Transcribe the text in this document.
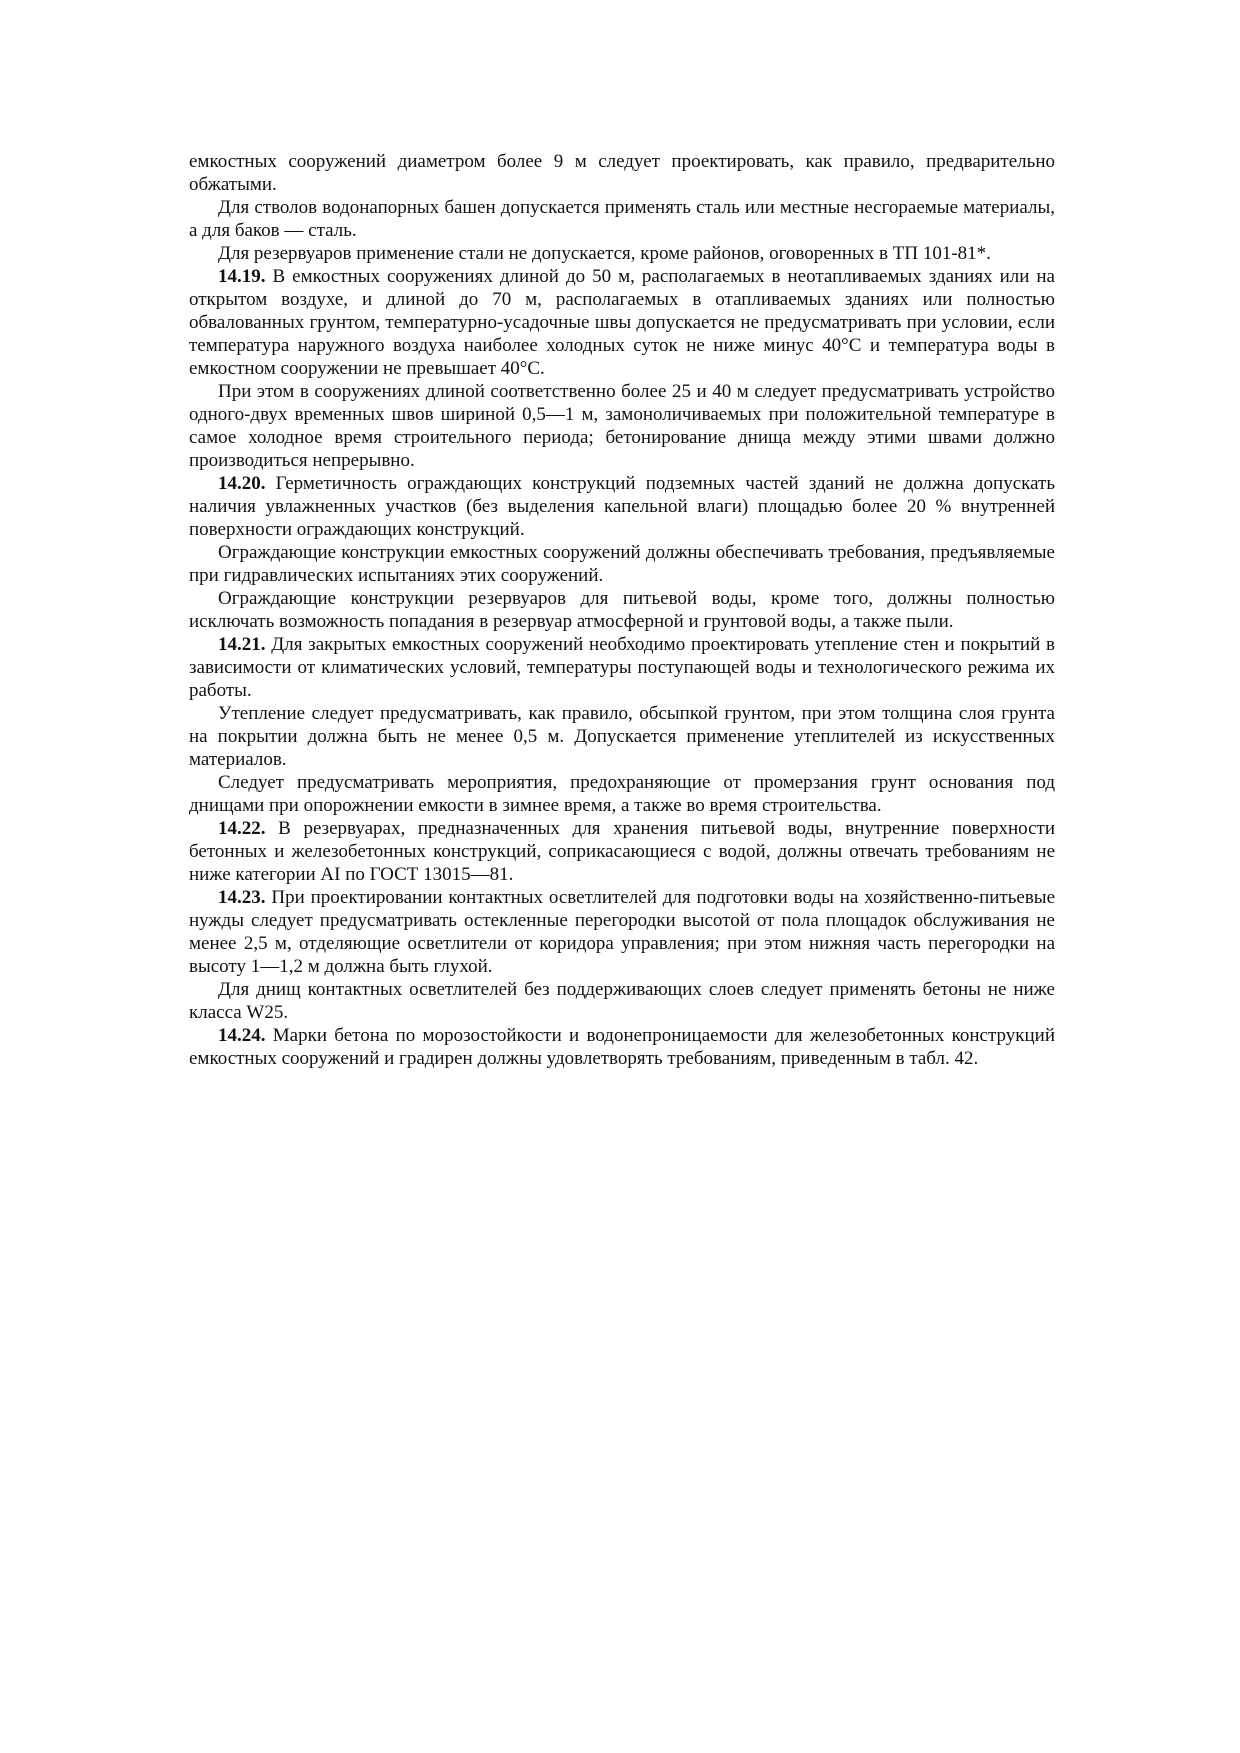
емкостных сооружений диаметром более 9 м следует проектировать, как правило, предварительно обжатыми.

Для стволов водонапорных башен допускается применять сталь или местные несгораемые материалы, а для баков — сталь.

Для резервуаров применение стали не допускается, кроме районов, оговоренных в ТП 101-81*.

14.19. В емкостных сооружениях длиной до 50 м, располагаемых в неотапливаемых зданиях или на открытом воздухе, и длиной до 70 м, располагаемых в отапливаемых зданиях или полностью обвалованных грунтом, температурно-усадочные швы допускается не предусматривать при условии, если температура наружного воздуха наиболее холодных суток не ниже минус 40°С и температура воды в емкостном сооружении не превышает 40°С.

При этом в сооружениях длиной соответственно более 25 и 40 м следует предусматривать устройство одного-двух временных швов шириной 0,5—1 м, замоноличиваемых при положительной температуре в самое холодное время строительного периода; бетонирование днища между этими швами должно производиться непрерывно.

14.20. Герметичность ограждающих конструкций подземных частей зданий не должна допускать наличия увлажненных участков (без выделения капельной влаги) площадью более 20 % внутренней поверхности ограждающих конструкций.

Ограждающие конструкции емкостных сооружений должны обеспечивать требования, предъявляемые при гидравлических испытаниях этих сооружений.

Ограждающие конструкции резервуаров для питьевой воды, кроме того, должны полностью исключать возможность попадания в резервуар атмосферной и грунтовой воды, а также пыли.

14.21. Для закрытых емкостных сооружений необходимо проектировать утепление стен и покрытий в зависимости от климатических условий, температуры поступающей воды и технологического режима их работы.

Утепление следует предусматривать, как правило, обсыпкой грунтом, при этом толщина слоя грунта на покрытии должна быть не менее 0,5 м. Допускается применение утеплителей из искусственных материалов.

Следует предусматривать мероприятия, предохраняющие от промерзания грунт основания под днищами при опорожнении емкости в зимнее время, а также во время строительства.

14.22. В резервуарах, предназначенных для хранения питьевой воды, внутренние поверхности бетонных и железобетонных конструкций, соприкасающиеся с водой, должны отвечать требованиям не ниже категории АI по ГОСТ 13015—81.

14.23. При проектировании контактных осветлителей для подготовки воды на хозяйственно-питьевые нужды следует предусматривать остекленные перегородки высотой от пола площадок обслуживания не менее 2,5 м, отделяющие осветлители от коридора управления; при этом нижняя часть перегородки на высоту 1—1,2 м должна быть глухой.

Для днищ контактных осветлителей без поддерживающих слоев следует применять бетоны не ниже класса W25.

14.24. Марки бетона по морозостойкости и водонепроницаемости для железобетонных конструкций емкостных сооружений и градирен должны удовлетворять требованиям, приведенным в табл. 42.
